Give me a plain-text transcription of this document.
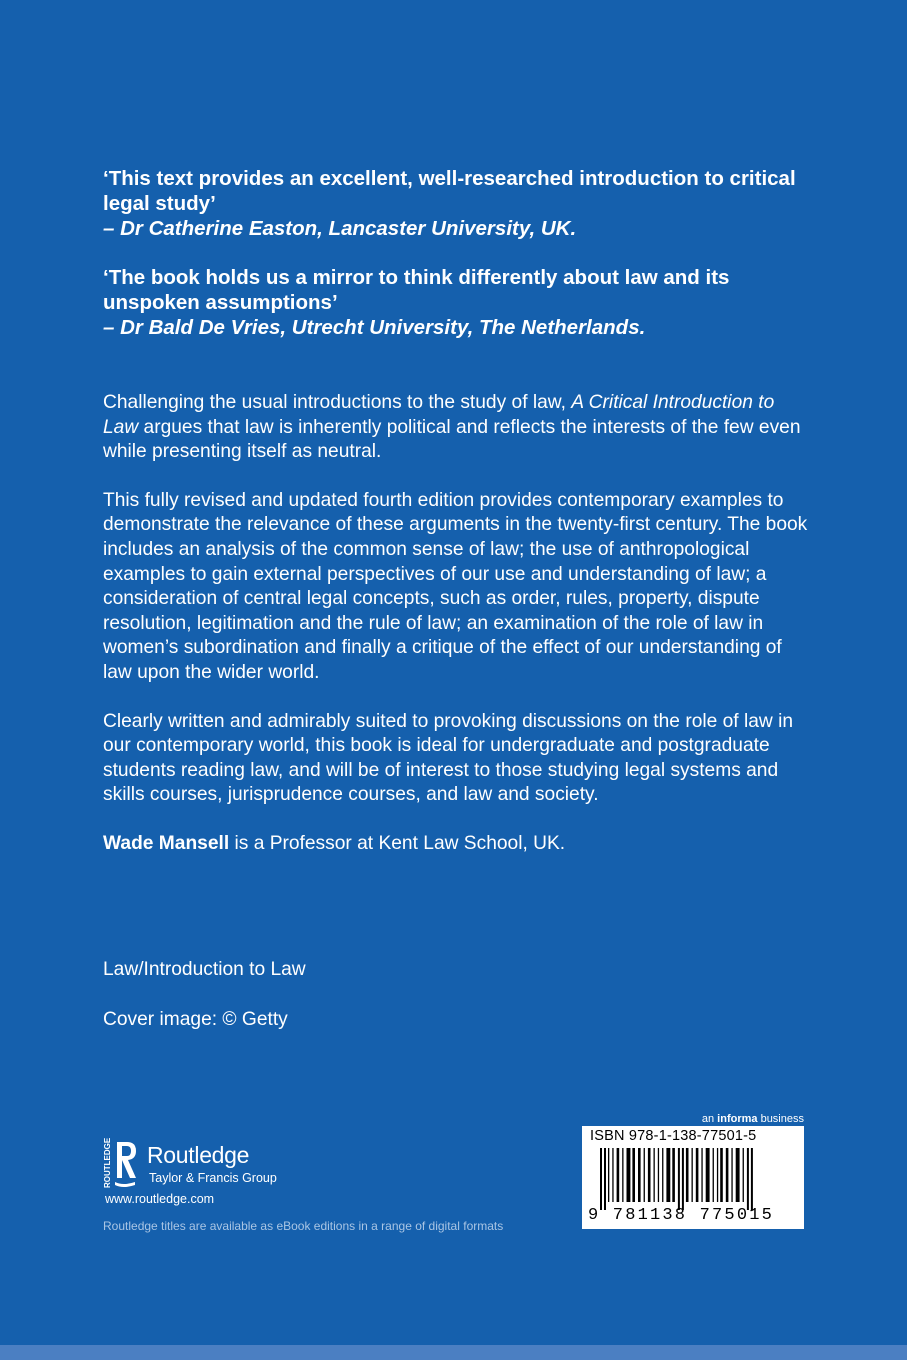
‘This text provides an excellent, well-researched introduction to critical legal study’
– Dr Catherine Easton, Lancaster University, UK.
‘The book holds us a mirror to think differently about law and its unspoken assumptions’
– Dr Bald De Vries, Utrecht University, The Netherlands.

Challenging the usual introductions to the study of law, A Critical Introduction to Law argues that law is inherently political and reflects the interests of the few even while presenting itself as neutral.

This fully revised and updated fourth edition provides contemporary examples to demonstrate the relevance of these arguments in the twenty-first century. The book includes an analysis of the common sense of law; the use of anthropological examples to gain external perspectives of our use and understanding of law; a consideration of central legal concepts, such as order, rules, property, dispute resolution, legitimation and the rule of law; an examination of the role of law in women’s subordination and finally a critique of the effect of our understanding of law upon the wider world.

Clearly written and admirably suited to provoking discussions on the role of law in our contemporary world, this book is ideal for undergraduate and postgraduate students reading law, and will be of interest to those studying legal systems and skills courses, jurisprudence courses, and law and society.

Wade Mansell is a Professor at Kent Law School, UK.

Law/Introduction to Law
Cover image: © Getty
ROUTLEDGE Routledge
Taylor & Francis Group
www.routledge.com
Routledge titles are available as eBook editions in a range of digital formats
an informa business
ISBN 978-1-138-77501-5
9 781138 775015
